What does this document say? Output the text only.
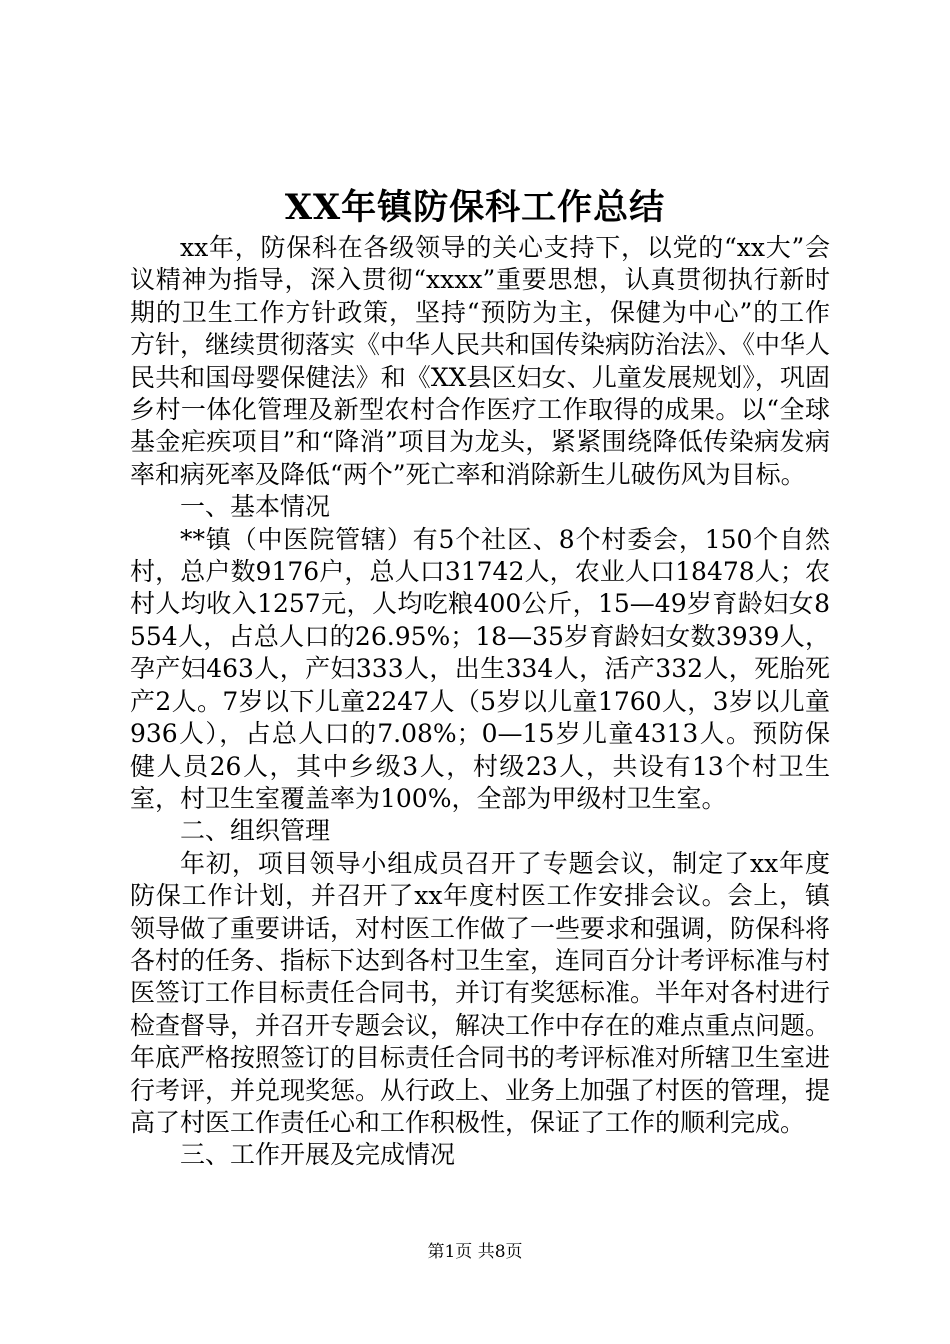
XX年镇防保科工作总结

xx年，防保科在各级领导的关心支持下，以党的“xx大”会议精神为指导，深入贯彻“xxxx”重要思想，认真贯彻执行新时期的卫生工作方针政策，坚持“预防为主，保健为中心”的工作方针，继续贯彻落实《中华人民共和国传染病防治法》、《中华人民共和国母婴保健法》和《XX县区妇女、儿童发展规划》，巩固乡村一体化管理及新型农村合作医疗工作取得的成果。以“全球基金疟疾项目”和“降消”项目为龙头，紧紧围绕降低传染病发病率和病死率及降低“两个”死亡率和消除新生儿破伤风为目标。

一、基本情况

**镇（中医院管辖）有5个社区、8个村委会，150个自然村，总户数9176户，总人口31742人，农业人口18478人；农村人均收入1257元，人均吃粮400公斤，15—49岁育龄妇女8554人，占总人口的26.95%；18—35岁育龄妇女数3939人，孕产妇463人，产妇333人，出生334人，活产332人，死胎死产2人。7岁以下儿童2247人（5岁以儿童1760人，3岁以儿童936人），占总人口的7.08%；0—15岁儿童4313人。预防保健人员26人，其中乡级3人，村级23人，共设有13个村卫生室，村卫生室覆盖率为100%，全部为甲级村卫生室。

二、组织管理

年初，项目领导小组成员召开了专题会议，制定了xx年度防保工作计划，并召开了xx年度村医工作安排会议。会上，镇领导做了重要讲话，对村医工作做了一些要求和强调，防保科将各村的任务、指标下达到各村卫生室，连同百分计考评标准与村医签订工作目标责任合同书，并订有奖惩标准。半年对各村进行检查督导，并召开专题会议，解决工作中存在的难点重点问题。年底严格按照签订的目标责任合同书的考评标准对所辖卫生室进行考评，并兑现奖惩。从行政上、业务上加强了村医的管理，提高了村医工作责任心和工作积极性，保证了工作的顺利完成。

三、工作开展及完成情况

第1页 共8页
